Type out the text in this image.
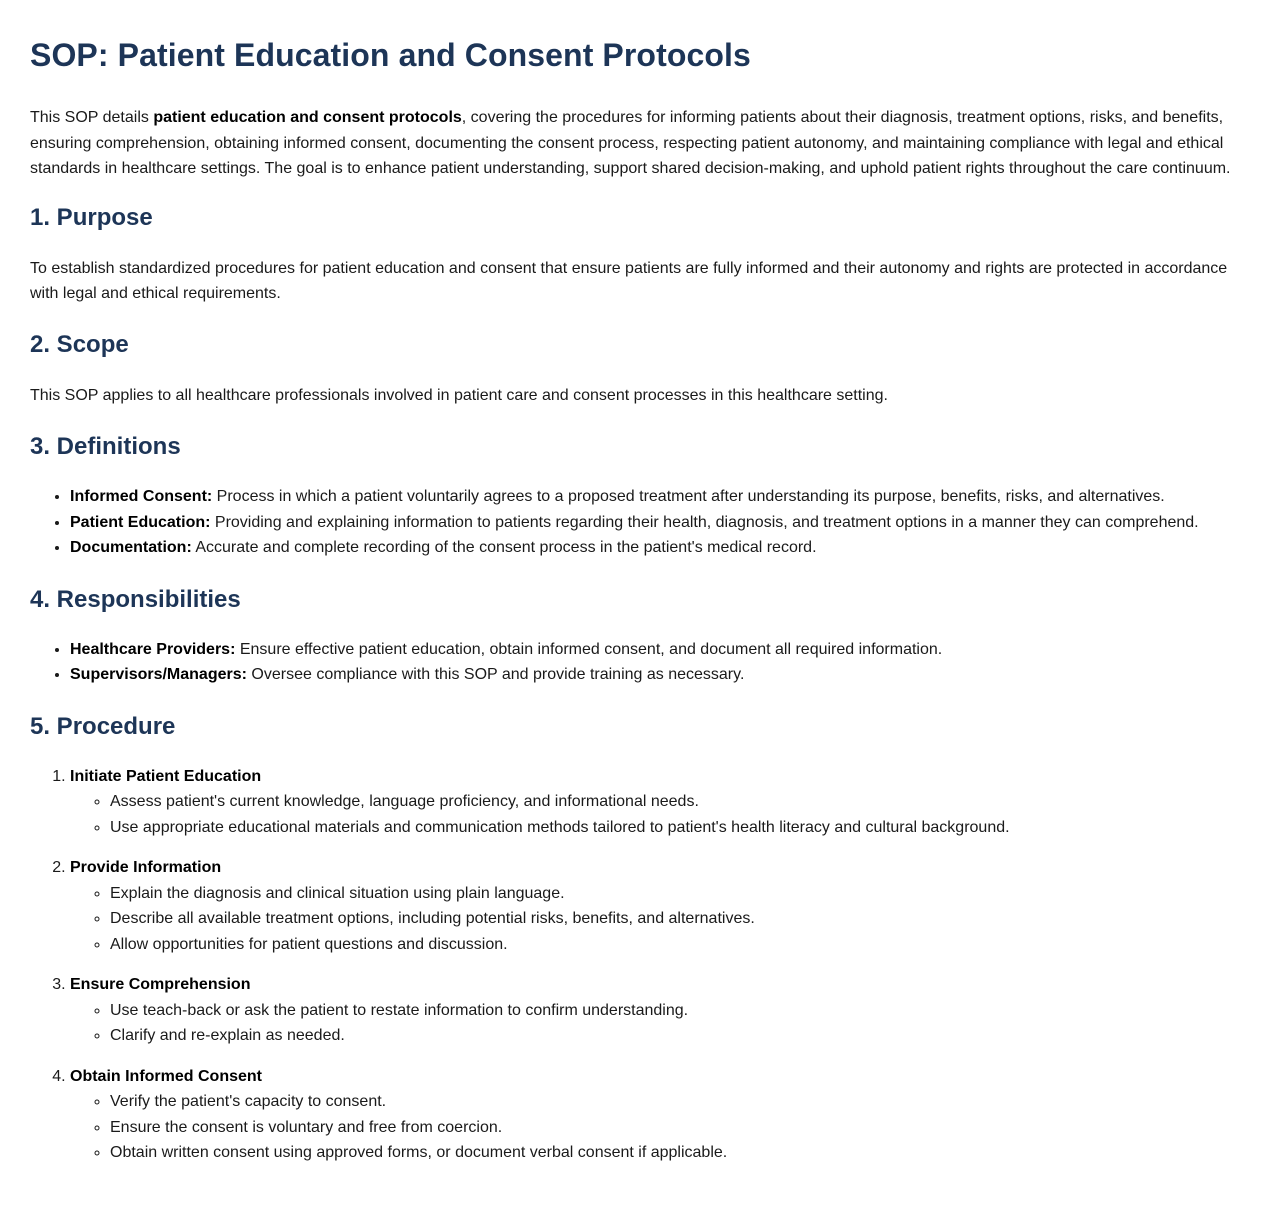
SOP: Patient Education and Consent Protocols

This SOP details patient education and consent protocols, covering the procedures for informing patients about their diagnosis, treatment options, risks, and benefits, ensuring comprehension, obtaining informed consent, documenting the consent process, respecting patient autonomy, and maintaining compliance with legal and ethical standards in healthcare settings. The goal is to enhance patient understanding, support shared decision-making, and uphold patient rights throughout the care continuum.

1. Purpose

To establish standardized procedures for patient education and consent that ensure patients are fully informed and their autonomy and rights are protected in accordance with legal and ethical requirements.

2. Scope

This SOP applies to all healthcare professionals involved in patient care and consent processes in this healthcare setting.

3. Definitions
• Informed Consent: Process in which a patient voluntarily agrees to a proposed treatment after understanding its purpose, benefits, risks, and alternatives.
• Patient Education: Providing and explaining information to patients regarding their health, diagnosis, and treatment options in a manner they can comprehend.
• Documentation: Accurate and complete recording of the consent process in the patient's medical record.
4. Responsibilities
• Healthcare Providers: Ensure effective patient education, obtain informed consent, and document all required information.
• Supervisors/Managers: Oversee compliance with this SOP and provide training as necessary.
5. Procedure
1. Initiate Patient Education
◦ Assess patient's current knowledge, language proficiency, and informational needs.
◦ Use appropriate educational materials and communication methods tailored to patient's health literacy and cultural background.
2. Provide Information
◦ Explain the diagnosis and clinical situation using plain language.
◦ Describe all available treatment options, including potential risks, benefits, and alternatives.
◦ Allow opportunities for patient questions and discussion.
3. Ensure Comprehension
◦ Use teach-back or ask the patient to restate information to confirm understanding.
◦ Clarify and re-explain as needed.
4. Obtain Informed Consent
◦ Verify the patient's capacity to consent.
◦ Ensure the consent is voluntary and free from coercion.
◦ Obtain written consent using approved forms, or document verbal consent if applicable.
